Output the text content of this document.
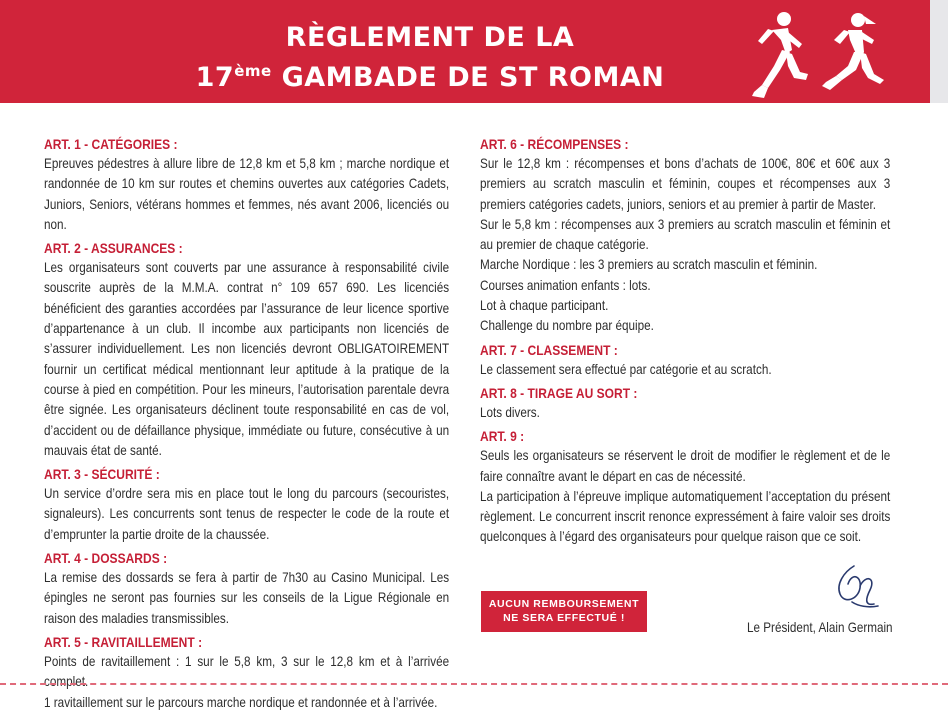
RÈGLEMENT DE LA
17ème GAMBADE DE ST ROMAN
ART. 1 - CATÉGORIES :
Epreuves pédestres à allure libre de 12,8 km et 5,8 km ; marche nordique et randonnée de 10 km sur routes et chemins ouvertes aux catégories Cadets, Juniors, Seniors, vétérans hommes et femmes, nés avant 2006, licenciés ou non.
ART. 2 - ASSURANCES :
Les organisateurs sont couverts par une assurance à responsabilité civile souscrite auprès de la M.M.A. contrat n° 109 657 690. Les licenciés bénéficient des garanties accordées par l’assurance de leur licence sportive d’appartenance à un club. Il incombe aux participants non licenciés de s’assurer individuellement. Les non licenciés devront OBLIGATOIREMENT fournir un certificat médical mentionnant leur aptitude à la pratique de la course à pied en compétition. Pour les mineurs, l’autorisation parentale devra être signée. Les organisateurs déclinent toute responsabilité en cas de vol, d’accident ou de défaillance physique, immédiate ou future, consécutive à un mauvais état de santé.
ART. 3 - SÉCURITÉ :
Un service d’ordre sera mis en place tout le long du parcours (secouristes, signaleurs). Les concurrents sont tenus de respecter le code de la route et d’emprunter la partie droite de la chaussée.
ART. 4 - DOSSARDS :
La remise des dossards se fera à partir de 7h30 au Casino Municipal. Les épingles ne seront pas fournies sur les conseils de la Ligue Régionale en raison des maladies transmissibles.
ART. 5 - RAVITAILLEMENT :
Points de ravitaillement : 1 sur le 5,8 km, 3 sur le 12,8 km et à l’arrivée complet.
1 ravitaillement sur le parcours marche nordique et randonnée et à l’arrivée.
ART. 6 - RÉCOMPENSES :
Sur le 12,8 km : récompenses et bons d’achats de 100€, 80€ et 60€ aux 3 premiers au scratch masculin et féminin, coupes et récompenses aux 3 premiers catégories cadets, juniors, seniors et au premier à partir de Master.
Sur le 5,8 km : récompenses aux 3 premiers au scratch masculin et féminin et au premier de chaque catégorie.
Marche Nordique : les 3 premiers au scratch masculin et féminin.
Courses animation enfants : lots.
Lot à chaque participant.
Challenge du nombre par équipe.
ART. 7 - CLASSEMENT :
Le classement sera effectué par catégorie et au scratch.
ART. 8 - TIRAGE AU SORT :
Lots divers.
ART. 9 :
Seuls les organisateurs se réservent le droit de modifier le règlement et de le faire connaître avant le départ en cas de nécessité.
La participation à l’épreuve implique automatiquement l’acceptation du présent règlement. Le concurrent inscrit renonce expressément à faire valoir ses droits quelconques à l’égard des organisateurs pour quelque raison que ce soit.
AUCUN REMBOURSEMENT
NE SERA EFFECTUÉ !
Le Président, Alain Germain
